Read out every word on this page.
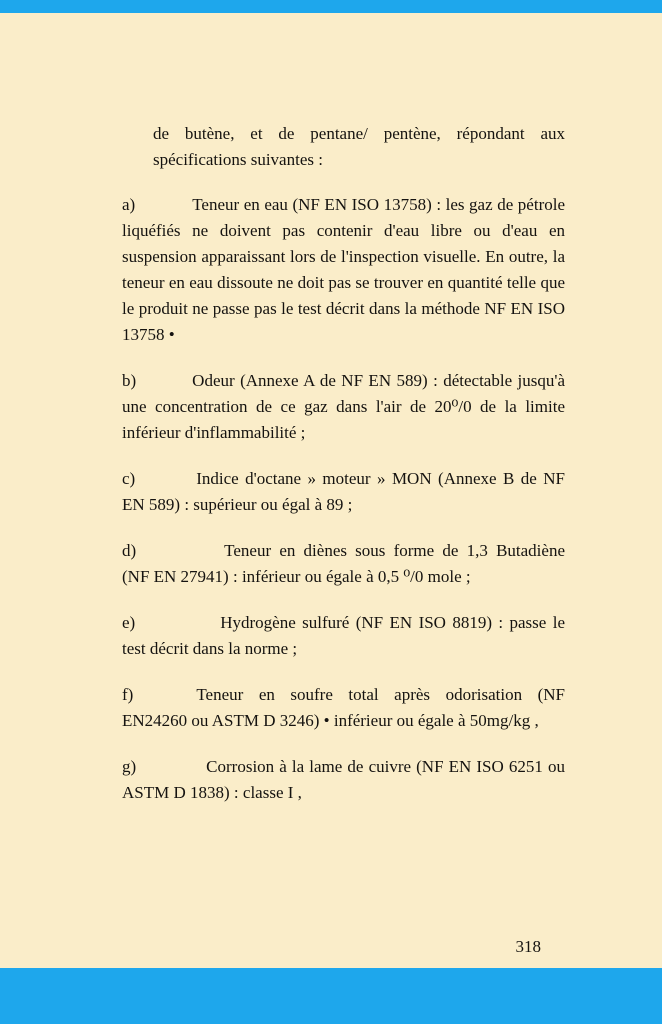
de butène, et de pentane/ pentène, répondant aux spécifications suivantes :

a)	Teneur en eau (NF EN ISO 13758) : les gaz de pétrole liquéfiés ne doivent pas contenir d'eau libre ou d'eau en suspension apparaissant lors de l'inspection visuelle. En outre, la teneur en eau dissoute ne doit pas se trouver en quantité telle que le produit ne passe pas le test décrit dans la méthode NF EN ISO 13758 •

b)	Odeur (Annexe A de NF EN 589) : détectable jusqu'à une concentration de ce gaz dans l'air de 20⁰/0 de la limite inférieur d'inflammabilité ;

c)	Indice d'octane » moteur » MON (Annexe B de NF EN 589) : supérieur ou égal à 89 ;

d)	Teneur en diènes sous forme de 1,3 Butadiène (NF EN 27941) : inférieur ou égale à 0,5 ⁰/0 mole ;

e)	Hydrogène sulfuré (NF EN ISO 8819) : passe le test décrit dans la norme ;

f)	Teneur en soufre total après odorisation (NF EN24260 ou ASTM D 3246) • inférieur ou égale à 50mg/kg ,

g)	Corrosion à la lame de cuivre (NF EN ISO 6251 ou ASTM D 1838) : classe I ,

318
